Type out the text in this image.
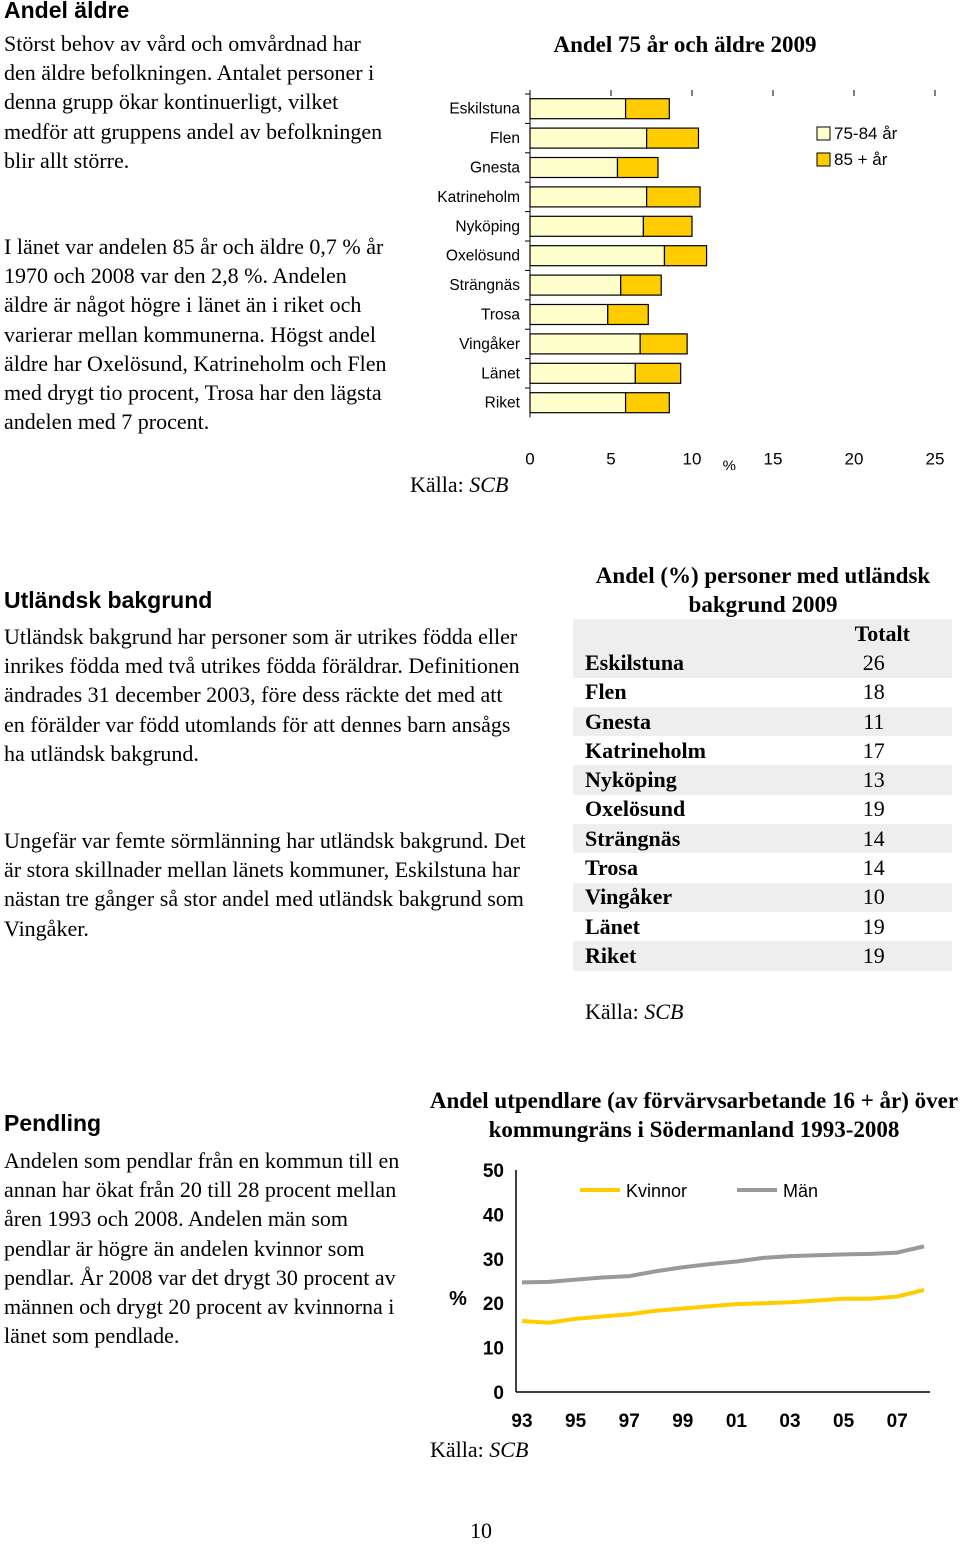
Andel äldre

Störst behov av vård och omvårdnad har den äldre befolkningen. Antalet personer i denna grupp ökar kontinuerligt, vilket medför att gruppens andel av befolkningen blir allt större.

I länet var andelen 85 år och äldre 0,7 % år 1970 och 2008 var den 2,8 %. Andelen äldre är något högre i länet än i riket och varierar mellan kommunerna. Högst andel äldre har Oxelösund, Katrineholm och Flen med drygt tio procent, Trosa har den lägsta andelen med 7 procent.

Andel 75 år och äldre 2009
Eskilstuna
Flen
Gnesta
Katrineholm
Nyköping
Oxelösund
Strängnäs
Trosa
Vingåker
Länet
Riket
0	5	10	15	20	25
%
75-84 år
85 + år
Källa: SCB
Utländsk bakgrund

Utländsk bakgrund har personer som är utrikes födda eller inrikes födda med två utrikes födda föräldrar. Definitionen ändrades 31 december 2003, före dess räckte det med att en förälder var född utomlands för att dennes barn ansågs ha utländsk bakgrund.

Ungefär var femte sörmlänning har utländsk bakgrund. Det är stora skillnader mellan länets kommuner, Eskilstuna har nästan tre gånger så stor andel med utländsk bakgrund som Vingåker.

Andel (%) personer med utländsk bakgrund 2009
Totalt	
Eskilstuna	26
Flen	18
Gnesta	11
Katrineholm	17
Nyköping	13
Oxelösund	19
Strängnäs	14
Trosa	14
Vingåker	10
Länet	19
Riket	19
Källa: SCB
Pendling

Andelen som pendlar från en kommun till en annan har ökat från 20 till 28 procent mellan åren 1993 och 2008. Andelen män som pendlar är högre än andelen kvinnor som pendlar. År 2008 var det drygt 30 procent av männen och drygt 20 procent av kvinnorna i länet som pendlade.

Andel utpendlare (av förvärvsarbetande 16 + år) över kommungräns i Södermanland 1993-2008
0
10
20
30
40
50
%
93 95 97 99 01 03 05 07
Kvinnor	Män
Källa: SCB
10
